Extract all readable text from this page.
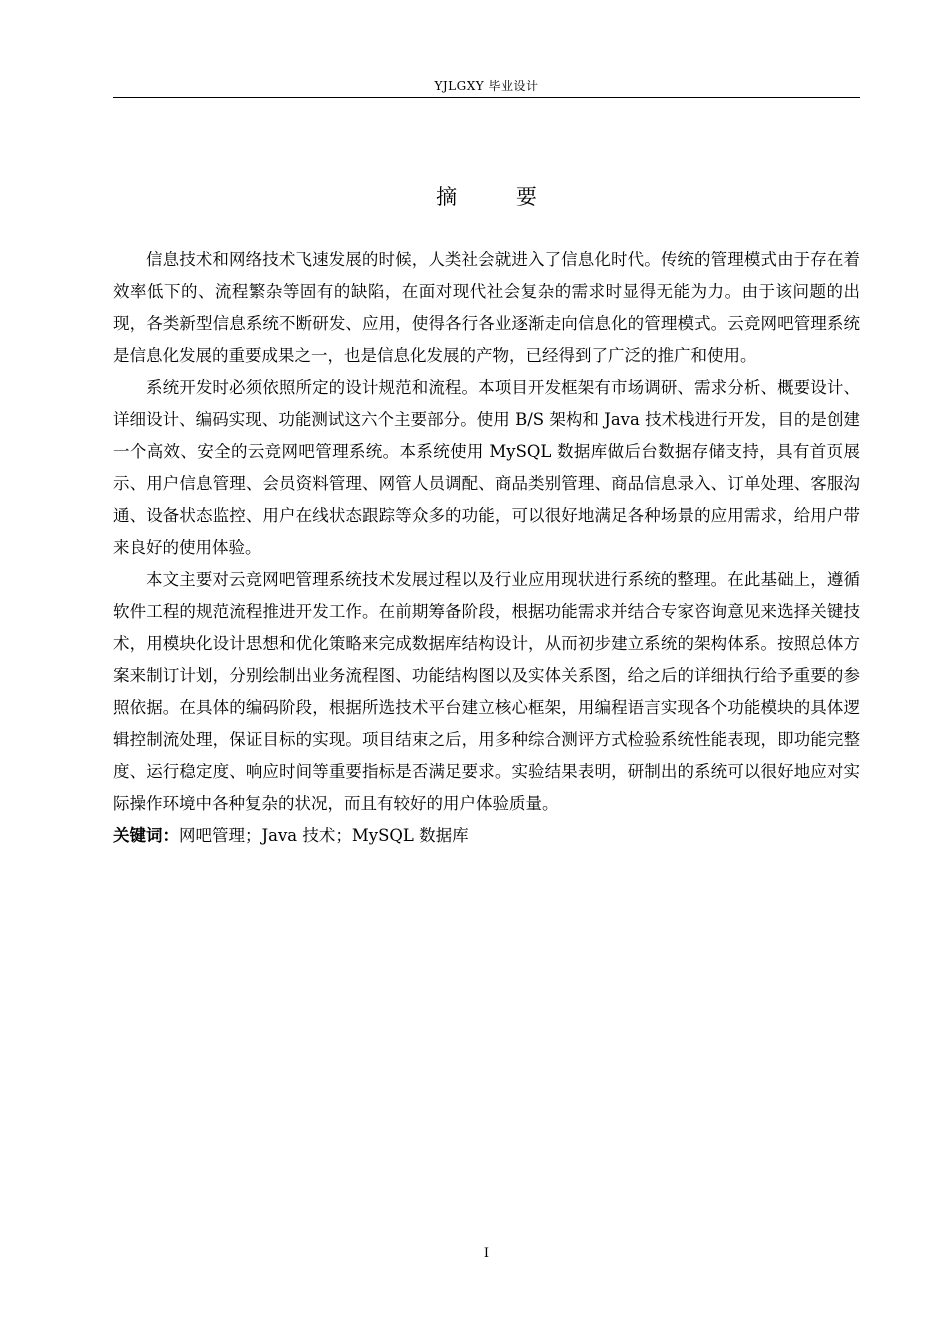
YJLGXY 毕业设计
摘 要

信息技术和网络技术飞速发展的时候，人类社会就进入了信息化时代。传统的管理模式由于存在着效率低下的、流程繁杂等固有的缺陷，在面对现代社会复杂的需求时显得无能为力。由于该问题的出现，各类新型信息系统不断研发、应用，使得各行各业逐渐走向信息化的管理模式。云竞网吧管理系统是信息化发展的重要成果之一，也是信息化发展的产物，已经得到了广泛的推广和使用。

系统开发时必须依照所定的设计规范和流程。本项目开发框架有市场调研、需求分析、概要设计、详细设计、编码实现、功能测试这六个主要部分。使用 B/S 架构和 Java 技术栈进行开发，目的是创建一个高效、安全的云竞网吧管理系统。本系统使用 MySQL 数据库做后台数据存储支持，具有首页展示、用户信息管理、会员资料管理、网管人员调配、商品类别管理、商品信息录入、订单处理、客服沟通、设备状态监控、用户在线状态跟踪等众多的功能，可以很好地满足各种场景的应用需求，给用户带来良好的使用体验。

本文主要对云竞网吧管理系统技术发展过程以及行业应用现状进行系统的整理。在此基础上，遵循软件工程的规范流程推进开发工作。在前期筹备阶段，根据功能需求并结合专家咨询意见来选择关键技术，用模块化设计思想和优化策略来完成数据库结构设计，从而初步建立系统的架构体系。按照总体方案来制订计划，分别绘制出业务流程图、功能结构图以及实体关系图，给之后的详细执行给予重要的参照依据。在具体的编码阶段，根据所选技术平台建立核心框架，用编程语言实现各个功能模块的具体逻辑控制流处理，保证目标的实现。项目结束之后，用多种综合测评方式检验系统性能表现，即功能完整度、运行稳定度、响应时间等重要指标是否满足要求。实验结果表明，研制出的系统可以很好地应对实际操作环境中各种复杂的状况，而且有较好的用户体验质量。

关键词：网吧管理；Java 技术；MySQL 数据库

I
